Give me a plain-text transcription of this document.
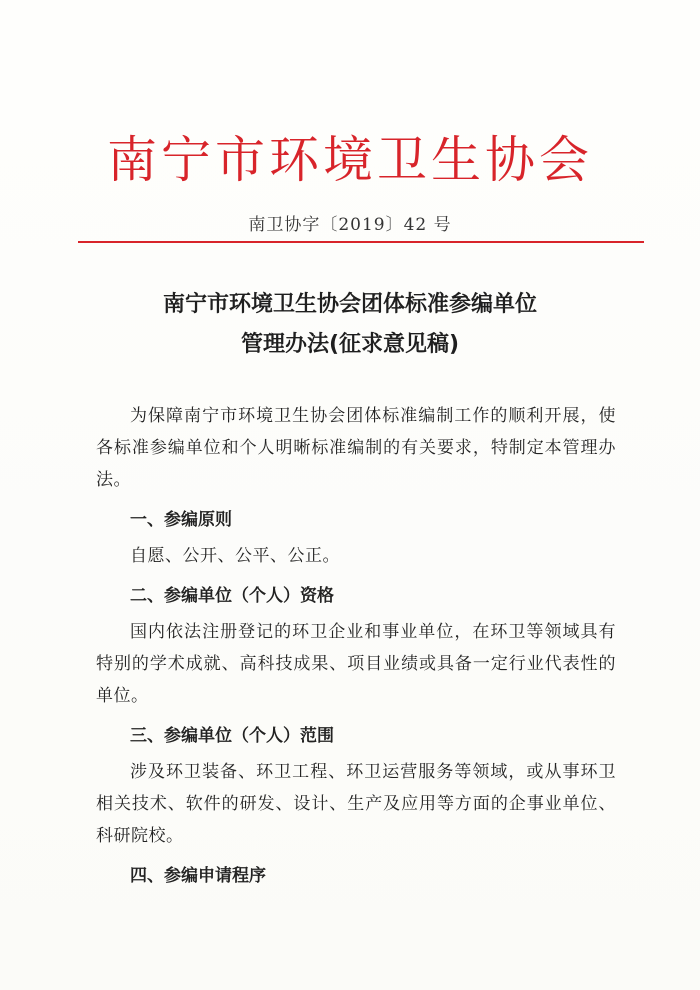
南宁市环境卫生协会
南卫协字〔2019〕42 号
南宁市环境卫生协会团体标准参编单位
管理办法(征求意见稿)

为保障南宁市环境卫生协会团体标准编制工作的顺利开展，使各标准参编单位和个人明晰标准编制的有关要求，特制定本管理办法。

一、参编原则

自愿、公开、公平、公正。

二、参编单位（个人）资格

国内依法注册登记的环卫企业和事业单位，在环卫等领域具有特别的学术成就、高科技成果、项目业绩或具备一定行业代表性的单位。

三、参编单位（个人）范围

涉及环卫装备、环卫工程、环卫运营服务等领域，或从事环卫相关技术、软件的研发、设计、生产及应用等方面的企事业单位、科研院校。

四、参编申请程序
